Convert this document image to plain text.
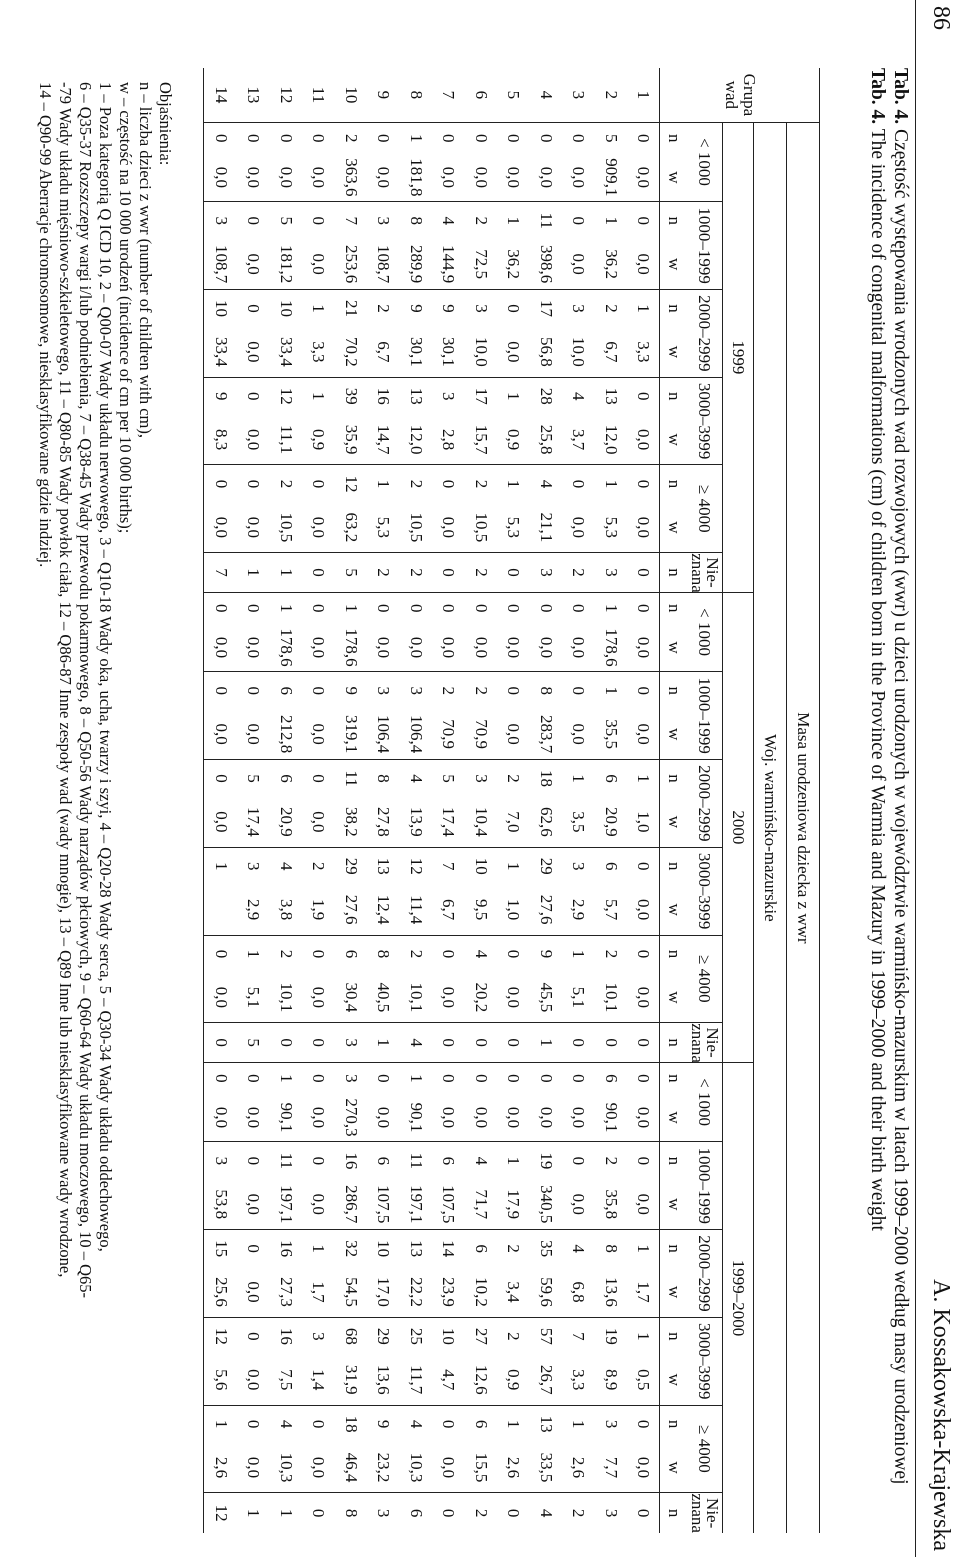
86
A. Kossakowska-Krajewska
Tab. 4. Częstość występowania wrodzonych wad rozwojowych (wwr) u dzieci urodzonych w województwie warmińsko-mazurskim w latach 1999–2000 według masy urodzeniowej
Tab. 4. The incidence of congenital malformations (cm) of children born in the Province of Warmia and Mazury in 1999–2000 and their birth weight
Grupa
wad	Masa urodzeniowa dziecka z wwr																																
	Woj. warmińsko-mazurskie																																
	1999											2000											1999–2000										
	< 1000		1000–1999		2000–2999		3000–3999		≥ 4000		Nie-
znana	< 1000		1000–1999		2000–2999		3000–3999		≥ 4000		Nie-
znana	< 1000		1000–1999		2000–2999		3000–3999		≥ 4000		Nie-
znana
	n	w	n	w	n	w	n	w	n	w	n	n	w	n	w	n	w	n	w	n	w	n	n	w	n	w	n	w	n	w	n	w	n
1	0	0,0	0	0,0	1	3,3	0	0,0	0	0,0	0	0	0,0	0	0,0	1	1,0	0	0,0	0	0,0	0	0	0,0	0	0,0	1	1,7	1	0,5	0	0,0	0
2	5	909,1	1	36,2	2	6,7	13	12,0	1	5,3	3	1	178,6	1	35,5	6	20,9	6	5,7	2	10,1	0	6	90,1	2	35,8	8	13,6	19	8,9	3	7,7	3
3	0	0,0	0	0,0	3	10,0	4	3,7	0	0,0	2	0	0,0	0	0,0	1	3,5	3	2,9	1	5,1	0	0	0,0	0	0,0	4	6,8	7	3,3	1	2,6	2
4	0	0,0	11	398,6	17	56,8	28	25,8	4	21,1	3	0	0,0	8	283,7	18	62,6	29	27,6	9	45,5	1	0	0,0	19	340,5	35	59,6	57	26,7	13	33,5	4
5	0	0,0	1	36,2	0	0,0	1	0,9	1	5,3	0	0	0,0	0	0,0	2	7,0	1	1,0	0	0,0	0	0	0,0	1	17,9	2	3,4	2	0,9	1	2,6	0
6	0	0,0	2	72,5	3	10,0	17	15,7	2	10,5	2	0	0,0	2	70,9	3	10,4	10	9,5	4	20,2	0	0	0,0	4	71,7	6	10,2	27	12,6	6	15,5	2
7	0	0,0	4	144,9	9	30,1	3	2,8	0	0,0	0	0	0,0	2	70,9	5	17,4	7	6,7	0	0,0	0	0	0,0	6	107,5	14	23,9	10	4,7	0	0,0	0
8	1	181,8	8	289,9	9	30,1	13	12,0	2	10,5	2	0	0,0	3	106,4	4	13,9	12	11,4	2	10,1	4	1	90,1	11	197,1	13	22,2	25	11,7	4	10,3	6
9	0	0,0	3	108,7	2	6,7	16	14,7	1	5,3	2	0	0,0	3	106,4	8	27,8	13	12,4	8	40,5	1	0	0,0	6	107,5	10	17,0	29	13,6	9	23,2	3
10	2	363,6	7	253,6	21	70,2	39	35,9	12	63,2	5	1	178,6	9	319,1	11	38,2	29	27,6	6	30,4	3	3	270,3	16	286,7	32	54,5	68	31,9	18	46,4	8
11	0	0,0	0	0,0	1	3,3	1	0,9	0	0,0	0	0	0,0	0	0,0	0	0,0	2	1,9	0	0,0	0	0	0,0	0	0,0	1	1,7	3	1,4	0	0,0	0
12	0	0,0	5	181,2	10	33,4	12	11,1	2	10,5	1	1	178,6	6	212,8	6	20,9	4	3,8	2	10,1	0	1	90,1	11	197,1	16	27,3	16	7,5	4	10,3	1
13	0	0,0	0	0,0	0	0,0	0	0,0	0	0,0	1	0	0,0	0	0,0	5	17,4	3	2,9	1	5,1	5	0	0,0	0	0,0	0	0,0	0	0,0	0	0,0	1
14	0	0,0	3	108,7	10	33,4	9	8,3	0	0,0	7	0	0,0	0	0,0	0	0,0	1		0	0,0	0	0	0,0	3	53,8	15	25,6	12	5,6	1	2,6	12
Objaśnienia:
n – liczba dzieci z wwr (number of children with cm),
w – częstość na 10 000 urodzeń (incidence of cm per 10 000 births);
1 – Poza kategorią Q ICD 10, 2 – Q00-07 Wady układu nerwowego, 3 – Q10-18 Wady oka, ucha, twarzy i szyi, 4 – Q20-28 Wady serca, 5 – Q30-34 Wady układu oddechowego,
6 – Q35-37 Rozszczepy wargi i/lub podniebienia, 7 – Q38-45 Wady przewodu pokarmowego, 8 – Q50-56 Wady narządów płciowych, 9 – Q60-64 Wady układu moczowego, 10 – Q65-
-79 Wady układu mięśniowo-szkieletowego, 11 – Q80-85 Wady powłok ciała, 12 – Q86-87 Inne zespoły wad (wady mnogie), 13 – Q89 Inne lub niesklasyfikowane wady wrodzone,
14 – Q90-99 Aberracje chromosomowe, niesklasyfikowane gdzie indziej.
